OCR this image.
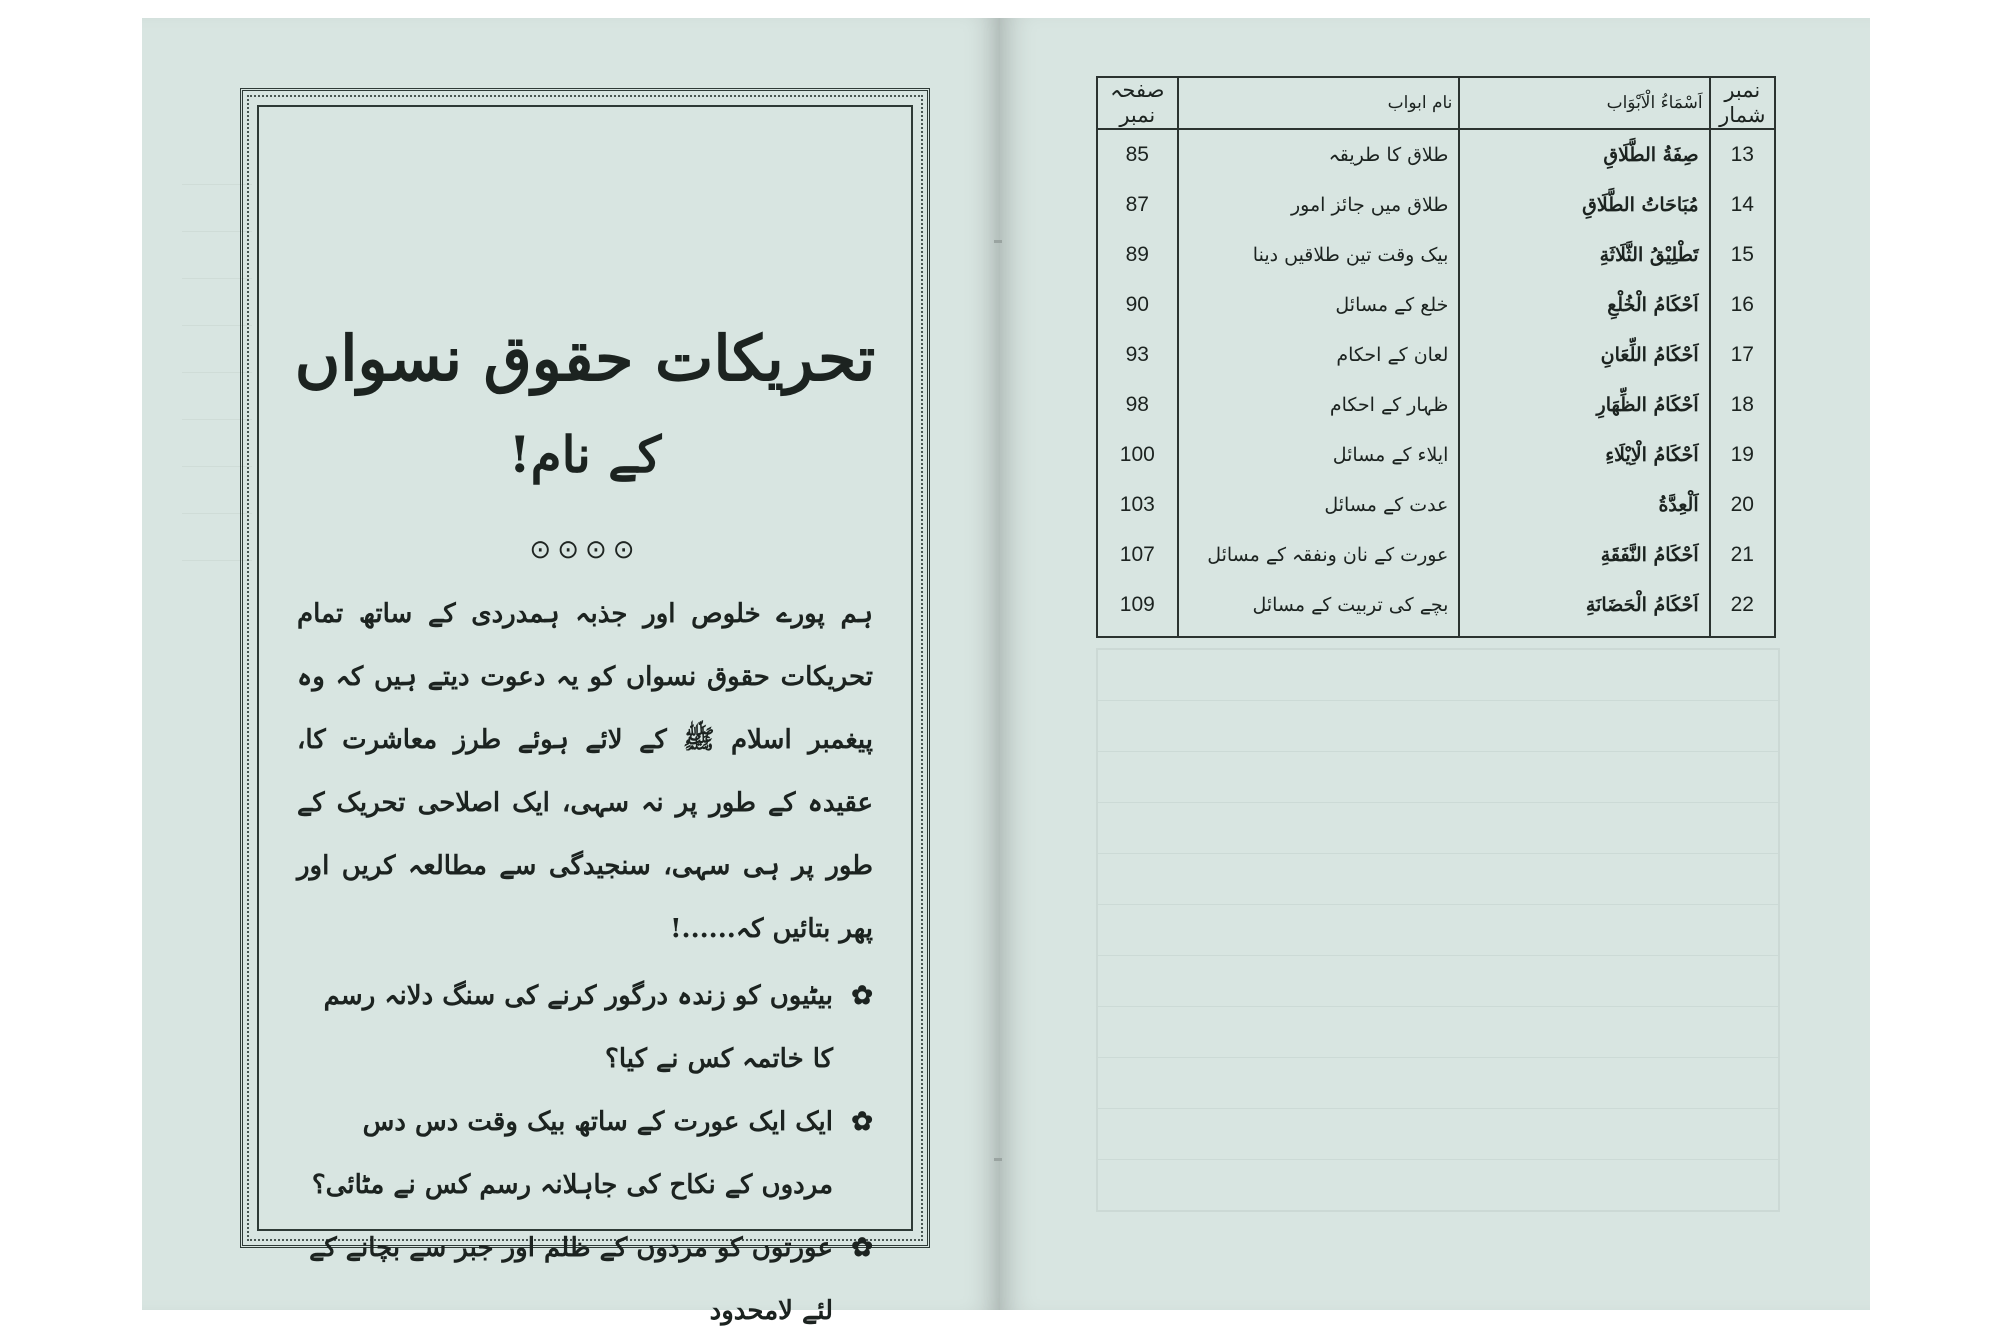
تحریکات حقوق نسواں
کے نام!
⊙⊙⊙⊙
ہم پورے خلوص اور جذبہ ہمدردی کے ساتھ تمام تحریکات حقوق نسواں کو یہ دعوت دیتے ہیں کہ وہ پیغمبر اسلام ﷺ کے لائے ہوئے طرز معاشرت کا، عقیدہ کے طور پر نہ سہی، ایک اصلاحی تحریک کے طور پر ہی سہی، سنجیدگی سے مطالعہ کریں اور پھر بتائیں کہ......!
✿
بیٹیوں کو زندہ درگور کرنے کی سنگ دلانہ رسم کا خاتمہ کس نے کیا؟
✿
ایک ایک عورت کے ساتھ بیک وقت دس دس مردوں کے نکاح کی جاہلانہ رسم کس نے مٹائی؟
✿
عورتوں کو مردوں کے ظلم اور جبر سے بچانے کے لئے لامحدود
نمبر شمار	اَسْمَاءُ الْاَبْوَاب	نام ابواب	صفحہ نمبر
13	صِفَةُ الطَّلَاقِ	طلاق کا طریقہ	85
14	مُبَاحَاتُ الطَّلَاقِ	طلاق میں جائز امور	87
15	تَطْلِيْقُ الثَّلَاثَةِ	بیک وقت تین طلاقیں دینا	89
16	اَحْكَامُ الْخُلْعِ	خلع کے مسائل	90
17	اَحْكَامُ اللِّعَانِ	لعان کے احکام	93
18	اَحْكَامُ الظِّهَارِ	ظہار کے احکام	98
19	اَحْكَامُ الْاِيْلَاءِ	ایلاء کے مسائل	100
20	اَلْعِدَّةُ	عدت کے مسائل	103
21	اَحْكَامُ النَّفَقَةِ	عورت کے نان ونفقہ کے مسائل	107
22	اَحْكَامُ الْحَضَانَةِ	بچے کی تربیت کے مسائل	109
